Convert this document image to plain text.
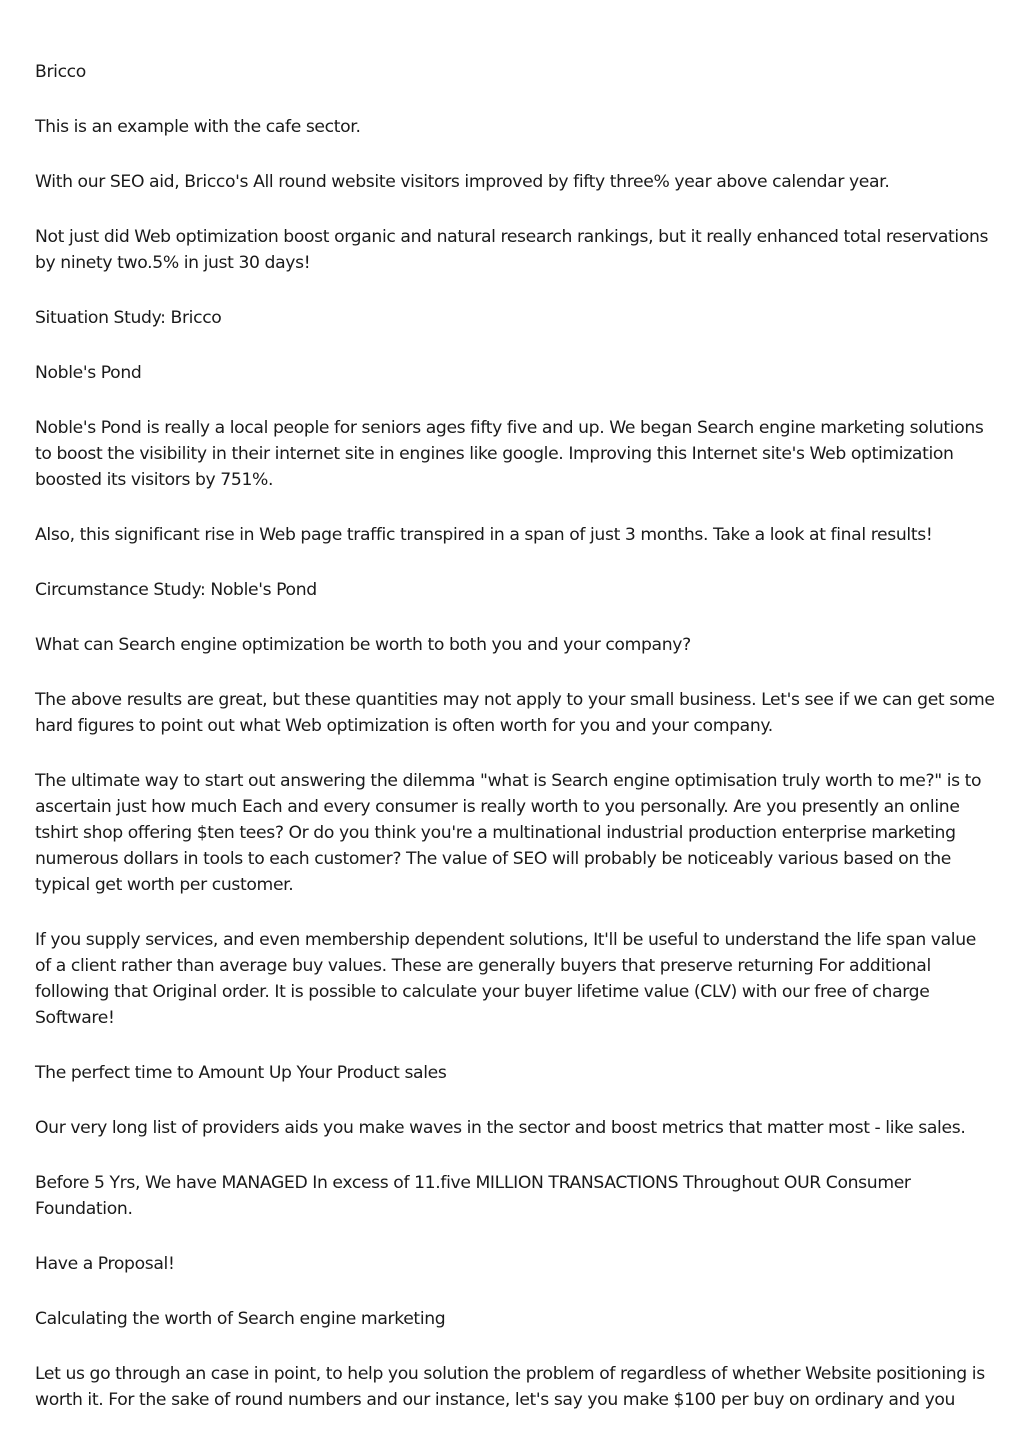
Bricco

This is an example with the cafe sector.

With our SEO aid, Bricco's All round website visitors improved by fifty three% year above calendar year.

Not just did Web optimization boost organic and natural research rankings, but it really enhanced total reservations by ninety two.5% in just 30 days!

Situation Study: Bricco

Noble's Pond

Noble's Pond is really a local people for seniors ages fifty five and up. We began Search engine marketing solutions to boost the visibility in their internet site in engines like google. Improving this Internet site's Web optimization boosted its visitors by 751%.

Also, this significant rise in Web page traffic transpired in a span of just 3 months. Take a look at final results!

Circumstance Study: Noble's Pond

What can Search engine optimization be worth to both you and your company?

The above results are great, but these quantities may not apply to your small business. Let's see if we can get some hard figures to point out what Web optimization is often worth for you and your company.

The ultimate way to start out answering the dilemma "what is Search engine optimisation truly worth to me?" is to ascertain just how much Each and every consumer is really worth to you personally. Are you presently an online tshirt shop offering $ten tees? Or do you think you're a multinational industrial production enterprise marketing numerous dollars in tools to each customer? The value of SEO will probably be noticeably various based on the typical get worth per customer.

If you supply services, and even membership dependent solutions, It'll be useful to understand the life span value of a client rather than average buy values. These are generally buyers that preserve returning For additional following that Original order. It is possible to calculate your buyer lifetime value (CLV) with our free of charge Software!

The perfect time to Amount Up Your Product sales

Our very long list of providers aids you make waves in the sector and boost metrics that matter most - like sales.

Before 5 Yrs, We have MANAGED In excess of 11.five MILLION TRANSACTIONS Throughout OUR Consumer Foundation.

Have a Proposal!

Calculating the worth of Search engine marketing

Let us go through an case in point, to help you solution the problem of regardless of whether Website positioning is worth it. For the sake of round numbers and our instance, let's say you make $100 per buy on ordinary and you
